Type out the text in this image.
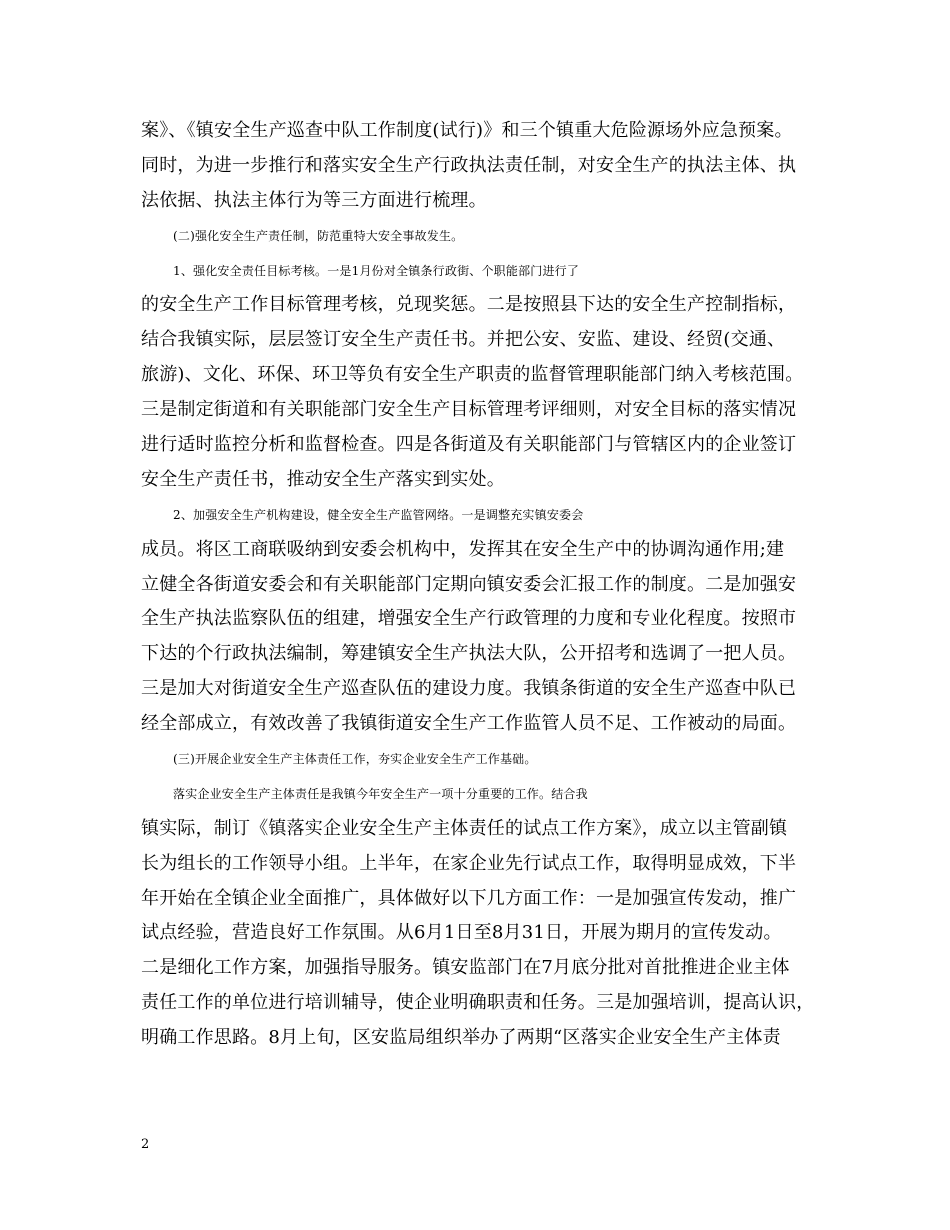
案》、《镇安全生产巡查中队工作制度(试行)》和三个镇重大危险源场外应急预案。
同时，为进一步推行和落实安全生产行政执法责任制，对安全生产的执法主体、执
法依据、执法主体行为等三方面进行梳理。
(二)强化安全生产责任制，防范重特大安全事故发生。
1、强化安全责任目标考核。一是1月份对全镇条行政街、个职能部门进行了
的安全生产工作目标管理考核，兑现奖惩。二是按照县下达的安全生产控制指标，
结合我镇实际，层层签订安全生产责任书。并把公安、安监、建设、经贸(交通、
旅游)、文化、环保、环卫等负有安全生产职责的监督管理职能部门纳入考核范围。
三是制定街道和有关职能部门安全生产目标管理考评细则，对安全目标的落实情况
进行适时监控分析和监督检查。四是各街道及有关职能部门与管辖区内的企业签订
安全生产责任书，推动安全生产落实到实处。
2、加强安全生产机构建设，健全安全生产监管网络。一是调整充实镇安委会
成员。将区工商联吸纳到安委会机构中，发挥其在安全生产中的协调沟通作用;建
立健全各街道安委会和有关职能部门定期向镇安委会汇报工作的制度。二是加强安
全生产执法监察队伍的组建，增强安全生产行政管理的力度和专业化程度。按照市
下达的个行政执法编制，筹建镇安全生产执法大队，公开招考和选调了一把人员。
三是加大对街道安全生产巡查队伍的建设力度。我镇条街道的安全生产巡查中队已
经全部成立，有效改善了我镇街道安全生产工作监管人员不足、工作被动的局面。
(三)开展企业安全生产主体责任工作，夯实企业安全生产工作基础。
落实企业安全生产主体责任是我镇今年安全生产一项十分重要的工作。结合我
镇实际，制订《镇落实企业安全生产主体责任的试点工作方案》，成立以主管副镇
长为组长的工作领导小组。上半年，在家企业先行试点工作，取得明显成效，下半
年开始在全镇企业全面推广，具体做好以下几方面工作：一是加强宣传发动，推广
试点经验，营造良好工作氛围。从6月1日至8月31日，开展为期月的宣传发动。
二是细化工作方案，加强指导服务。镇安监部门在7月底分批对首批推进企业主体
责任工作的单位进行培训辅导，使企业明确职责和任务。三是加强培训，提高认识，
明确工作思路。8月上旬，区安监局组织举办了两期“区落实企业安全生产主体责
2
